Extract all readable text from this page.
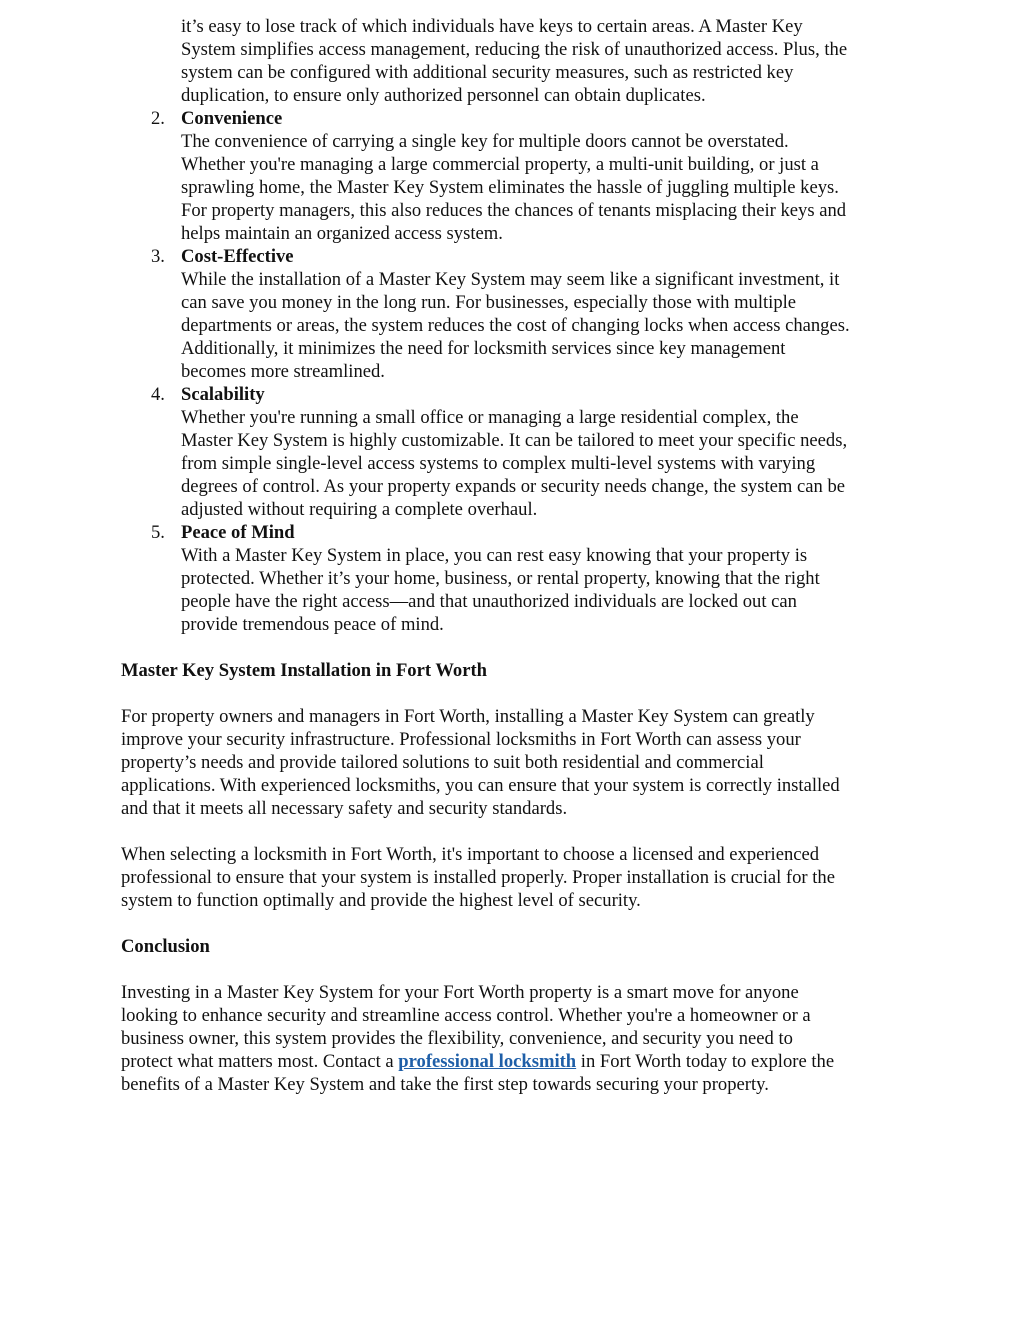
it’s easy to lose track of which individuals have keys to certain areas. A Master Key
System simplifies access management, reducing the risk of unauthorized access. Plus, the
system can be configured with additional security measures, such as restricted key
duplication, to ensure only authorized personnel can obtain duplicates.

2. Convenience
The convenience of carrying a single key for multiple doors cannot be overstated.
Whether you're managing a large commercial property, a multi-unit building, or just a
sprawling home, the Master Key System eliminates the hassle of juggling multiple keys.
For property managers, this also reduces the chances of tenants misplacing their keys and
helps maintain an organized access system.
3. Cost-Effective
While the installation of a Master Key System may seem like a significant investment, it
can save you money in the long run. For businesses, especially those with multiple
departments or areas, the system reduces the cost of changing locks when access changes.
Additionally, it minimizes the need for locksmith services since key management
becomes more streamlined.
4. Scalability
Whether you're running a small office or managing a large residential complex, the
Master Key System is highly customizable. It can be tailored to meet your specific needs,
from simple single-level access systems to complex multi-level systems with varying
degrees of control. As your property expands or security needs change, the system can be
adjusted without requiring a complete overhaul.
5. Peace of Mind
With a Master Key System in place, you can rest easy knowing that your property is
protected. Whether it’s your home, business, or rental property, knowing that the right
people have the right access—and that unauthorized individuals are locked out can
provide tremendous peace of mind.

Master Key System Installation in Fort Worth

For property owners and managers in Fort Worth, installing a Master Key System can greatly
improve your security infrastructure. Professional locksmiths in Fort Worth can assess your
property’s needs and provide tailored solutions to suit both residential and commercial
applications. With experienced locksmiths, you can ensure that your system is correctly installed
and that it meets all necessary safety and security standards.

When selecting a locksmith in Fort Worth, it's important to choose a licensed and experienced
professional to ensure that your system is installed properly. Proper installation is crucial for the
system to function optimally and provide the highest level of security.

Conclusion

Investing in a Master Key System for your Fort Worth property is a smart move for anyone
looking to enhance security and streamline access control. Whether you're a homeowner or a
business owner, this system provides the flexibility, convenience, and security you need to
protect what matters most. Contact a professional locksmith in Fort Worth today to explore the
benefits of a Master Key System and take the first step towards securing your property.
